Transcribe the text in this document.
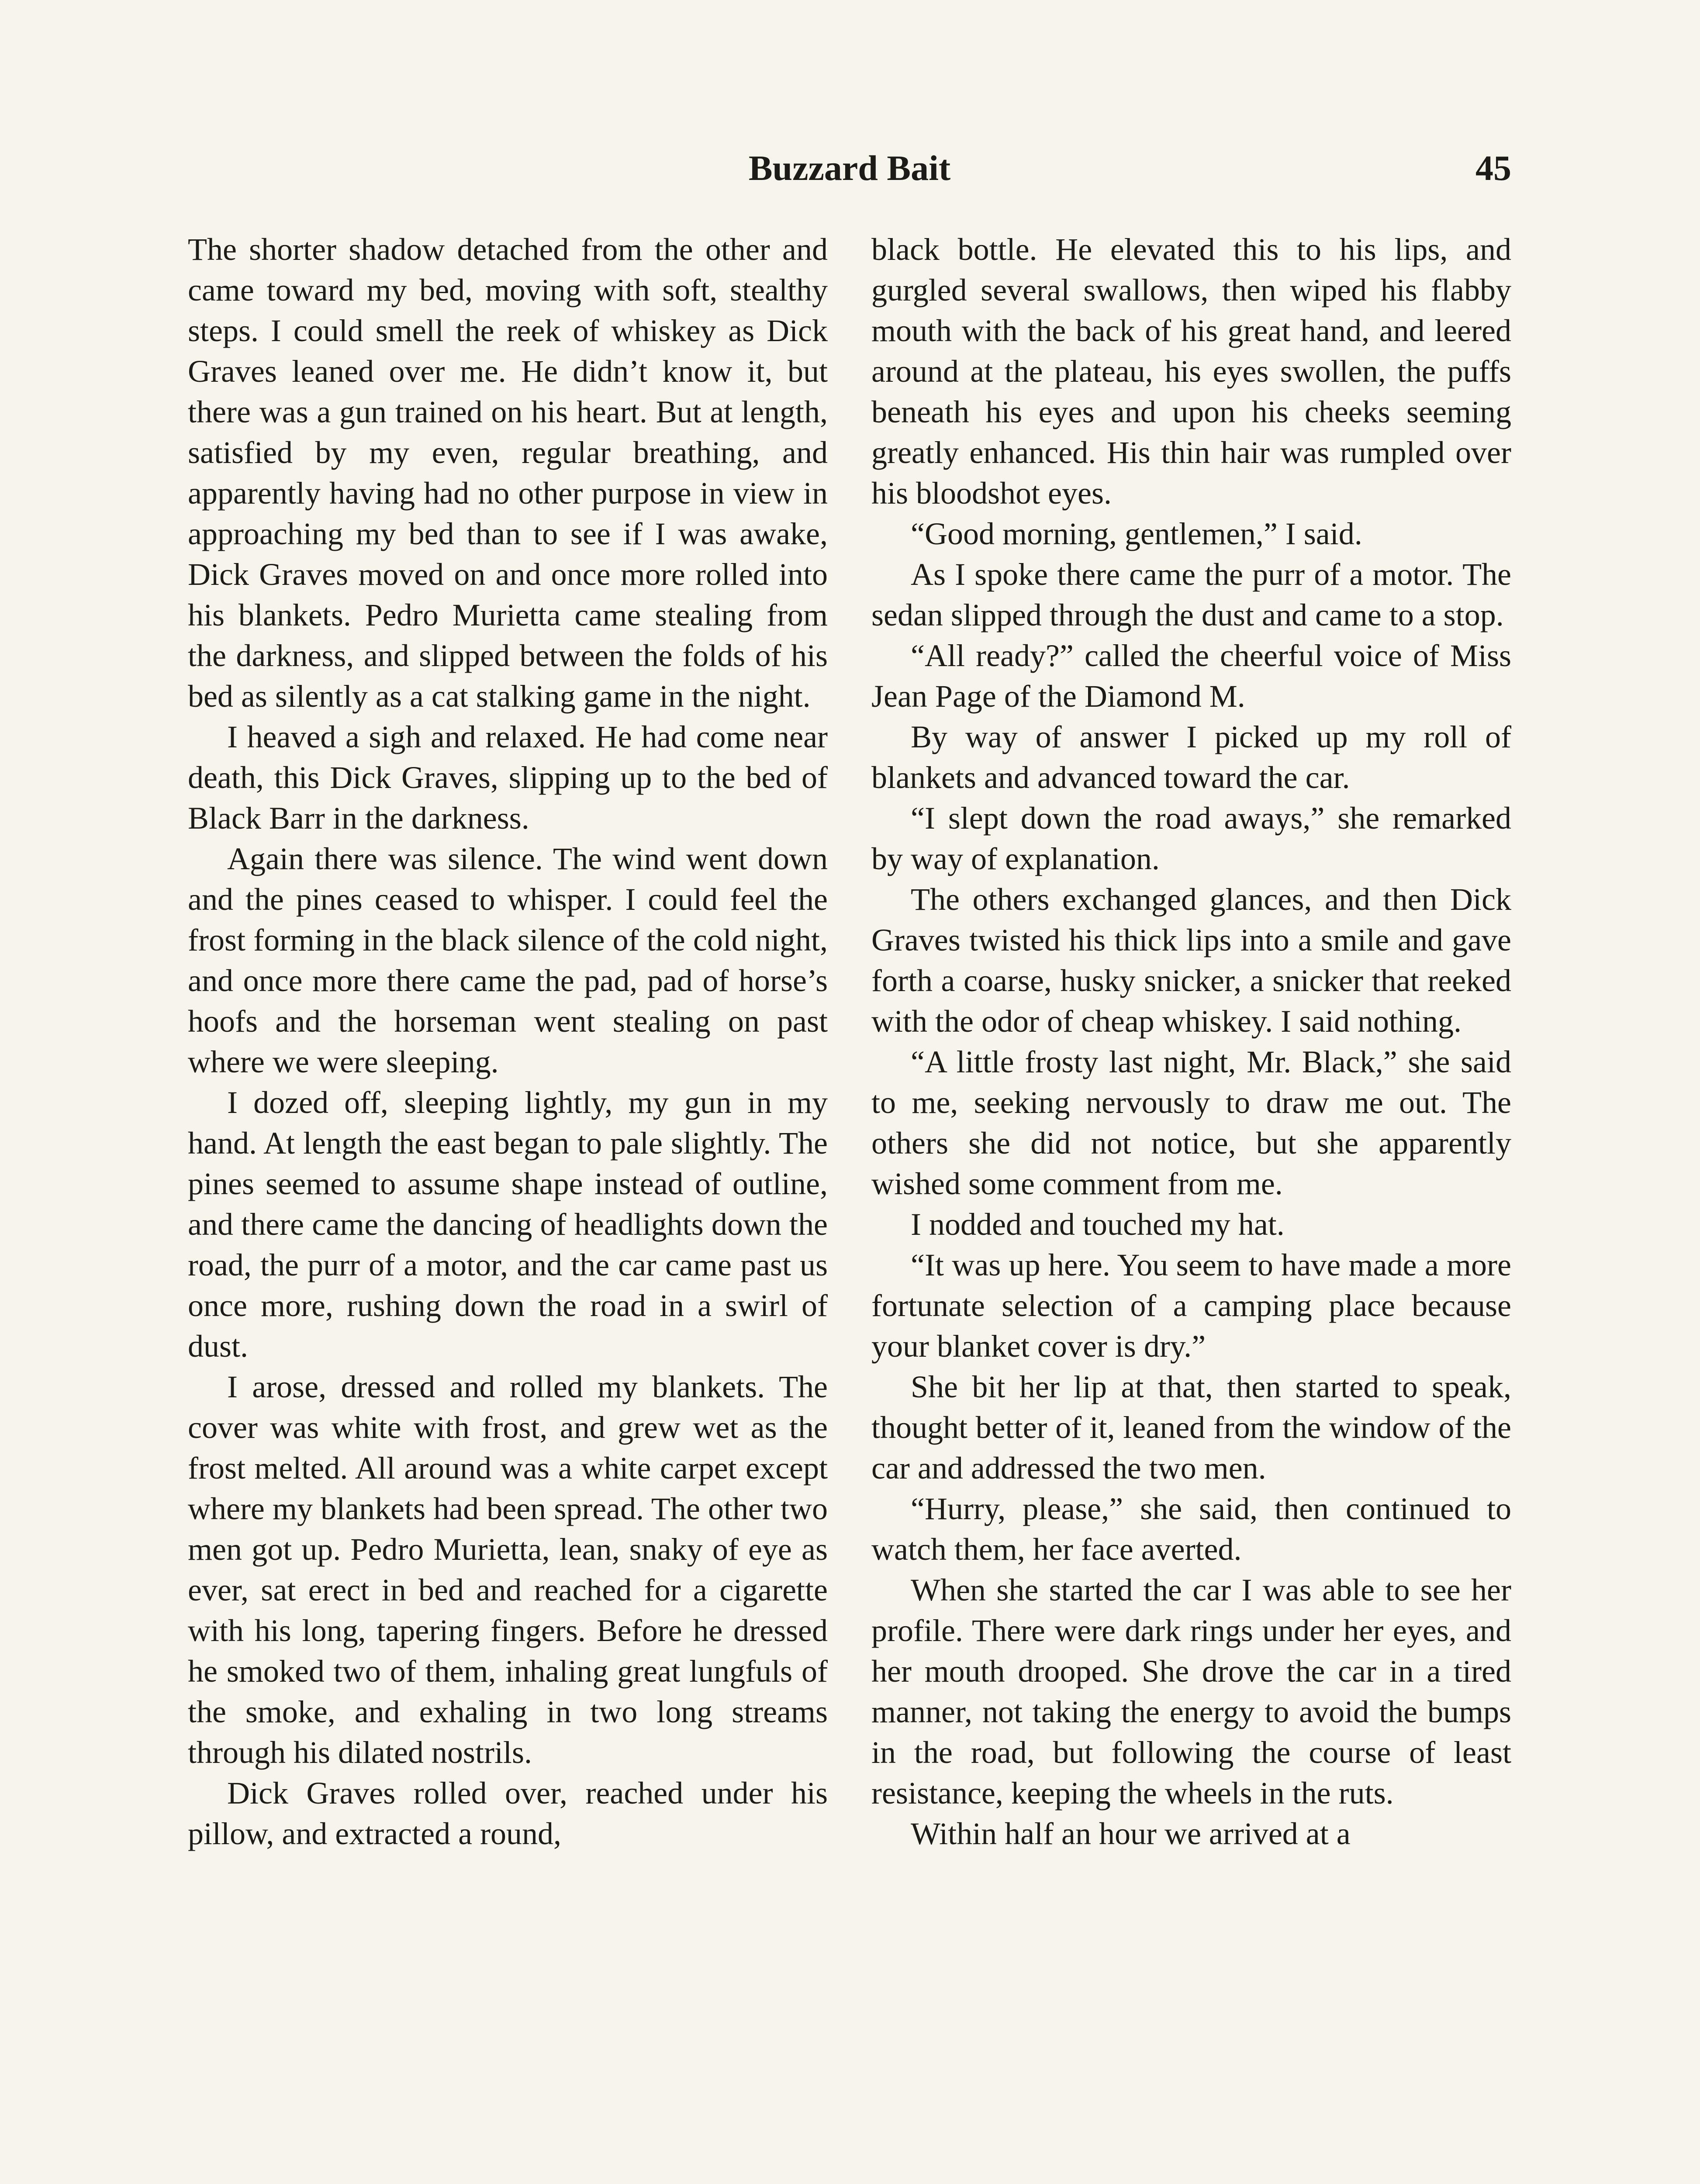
Buzzard Bait	45

The shorter shadow detached from the other and came toward my bed, moving with soft, stealthy steps. I could smell the reek of whiskey as Dick Graves leaned over me. He didn’t know it, but there was a gun trained on his heart. But at length, satisfied by my even, regular breathing, and apparently having had no other purpose in view in approaching my bed than to see if I was awake, Dick Graves moved on and once more rolled into his blankets. Pedro Murietta came stealing from the darkness, and slipped between the folds of his bed as silently as a cat stalking game in the night.

I heaved a sigh and relaxed. He had come near death, this Dick Graves, slipping up to the bed of Black Barr in the darkness.

Again there was silence. The wind went down and the pines ceased to whisper. I could feel the frost forming in the black silence of the cold night, and once more there came the pad, pad of horse’s hoofs and the horseman went stealing on past where we were sleeping.

I dozed off, sleeping lightly, my gun in my hand. At length the east began to pale slightly. The pines seemed to assume shape instead of outline, and there came the dancing of headlights down the road, the purr of a motor, and the car came past us once more, rushing down the road in a swirl of dust.

I arose, dressed and rolled my blankets. The cover was white with frost, and grew wet as the frost melted. All around was a white carpet except where my blankets had been spread. The other two men got up. Pedro Murietta, lean, snaky of eye as ever, sat erect in bed and reached for a cigarette with his long, tapering fingers. Before he dressed he smoked two of them, inhaling great lungfuls of the smoke, and exhaling in two long streams through his dilated nostrils.

Dick Graves rolled over, reached under his pillow, and extracted a round,

black bottle. He elevated this to his lips, and gurgled several swallows, then wiped his flabby mouth with the back of his great hand, and leered around at the plateau, his eyes swollen, the puffs beneath his eyes and upon his cheeks seeming greatly enhanced. His thin hair was rumpled over his bloodshot eyes.

“Good morning, gentlemen,” I said.

As I spoke there came the purr of a motor. The sedan slipped through the dust and came to a stop.

“All ready?” called the cheerful voice of Miss Jean Page of the Diamond M.

By way of answer I picked up my roll of blankets and advanced toward the car.

“I slept down the road aways,” she remarked by way of explanation.

The others exchanged glances, and then Dick Graves twisted his thick lips into a smile and gave forth a coarse, husky snicker, a snicker that reeked with the odor of cheap whiskey. I said nothing.

“A little frosty last night, Mr. Black,” she said to me, seeking nervously to draw me out. The others she did not notice, but she apparently wished some comment from me.

I nodded and touched my hat.

“It was up here. You seem to have made a more fortunate selection of a camping place because your blanket cover is dry.”

She bit her lip at that, then started to speak, thought better of it, leaned from the window of the car and addressed the two men.

“Hurry, please,” she said, then continued to watch them, her face averted.

When she started the car I was able to see her profile. There were dark rings under her eyes, and her mouth drooped. She drove the car in a tired manner, not taking the energy to avoid the bumps in the road, but following the course of least resistance, keeping the wheels in the ruts.

Within half an hour we arrived at a
